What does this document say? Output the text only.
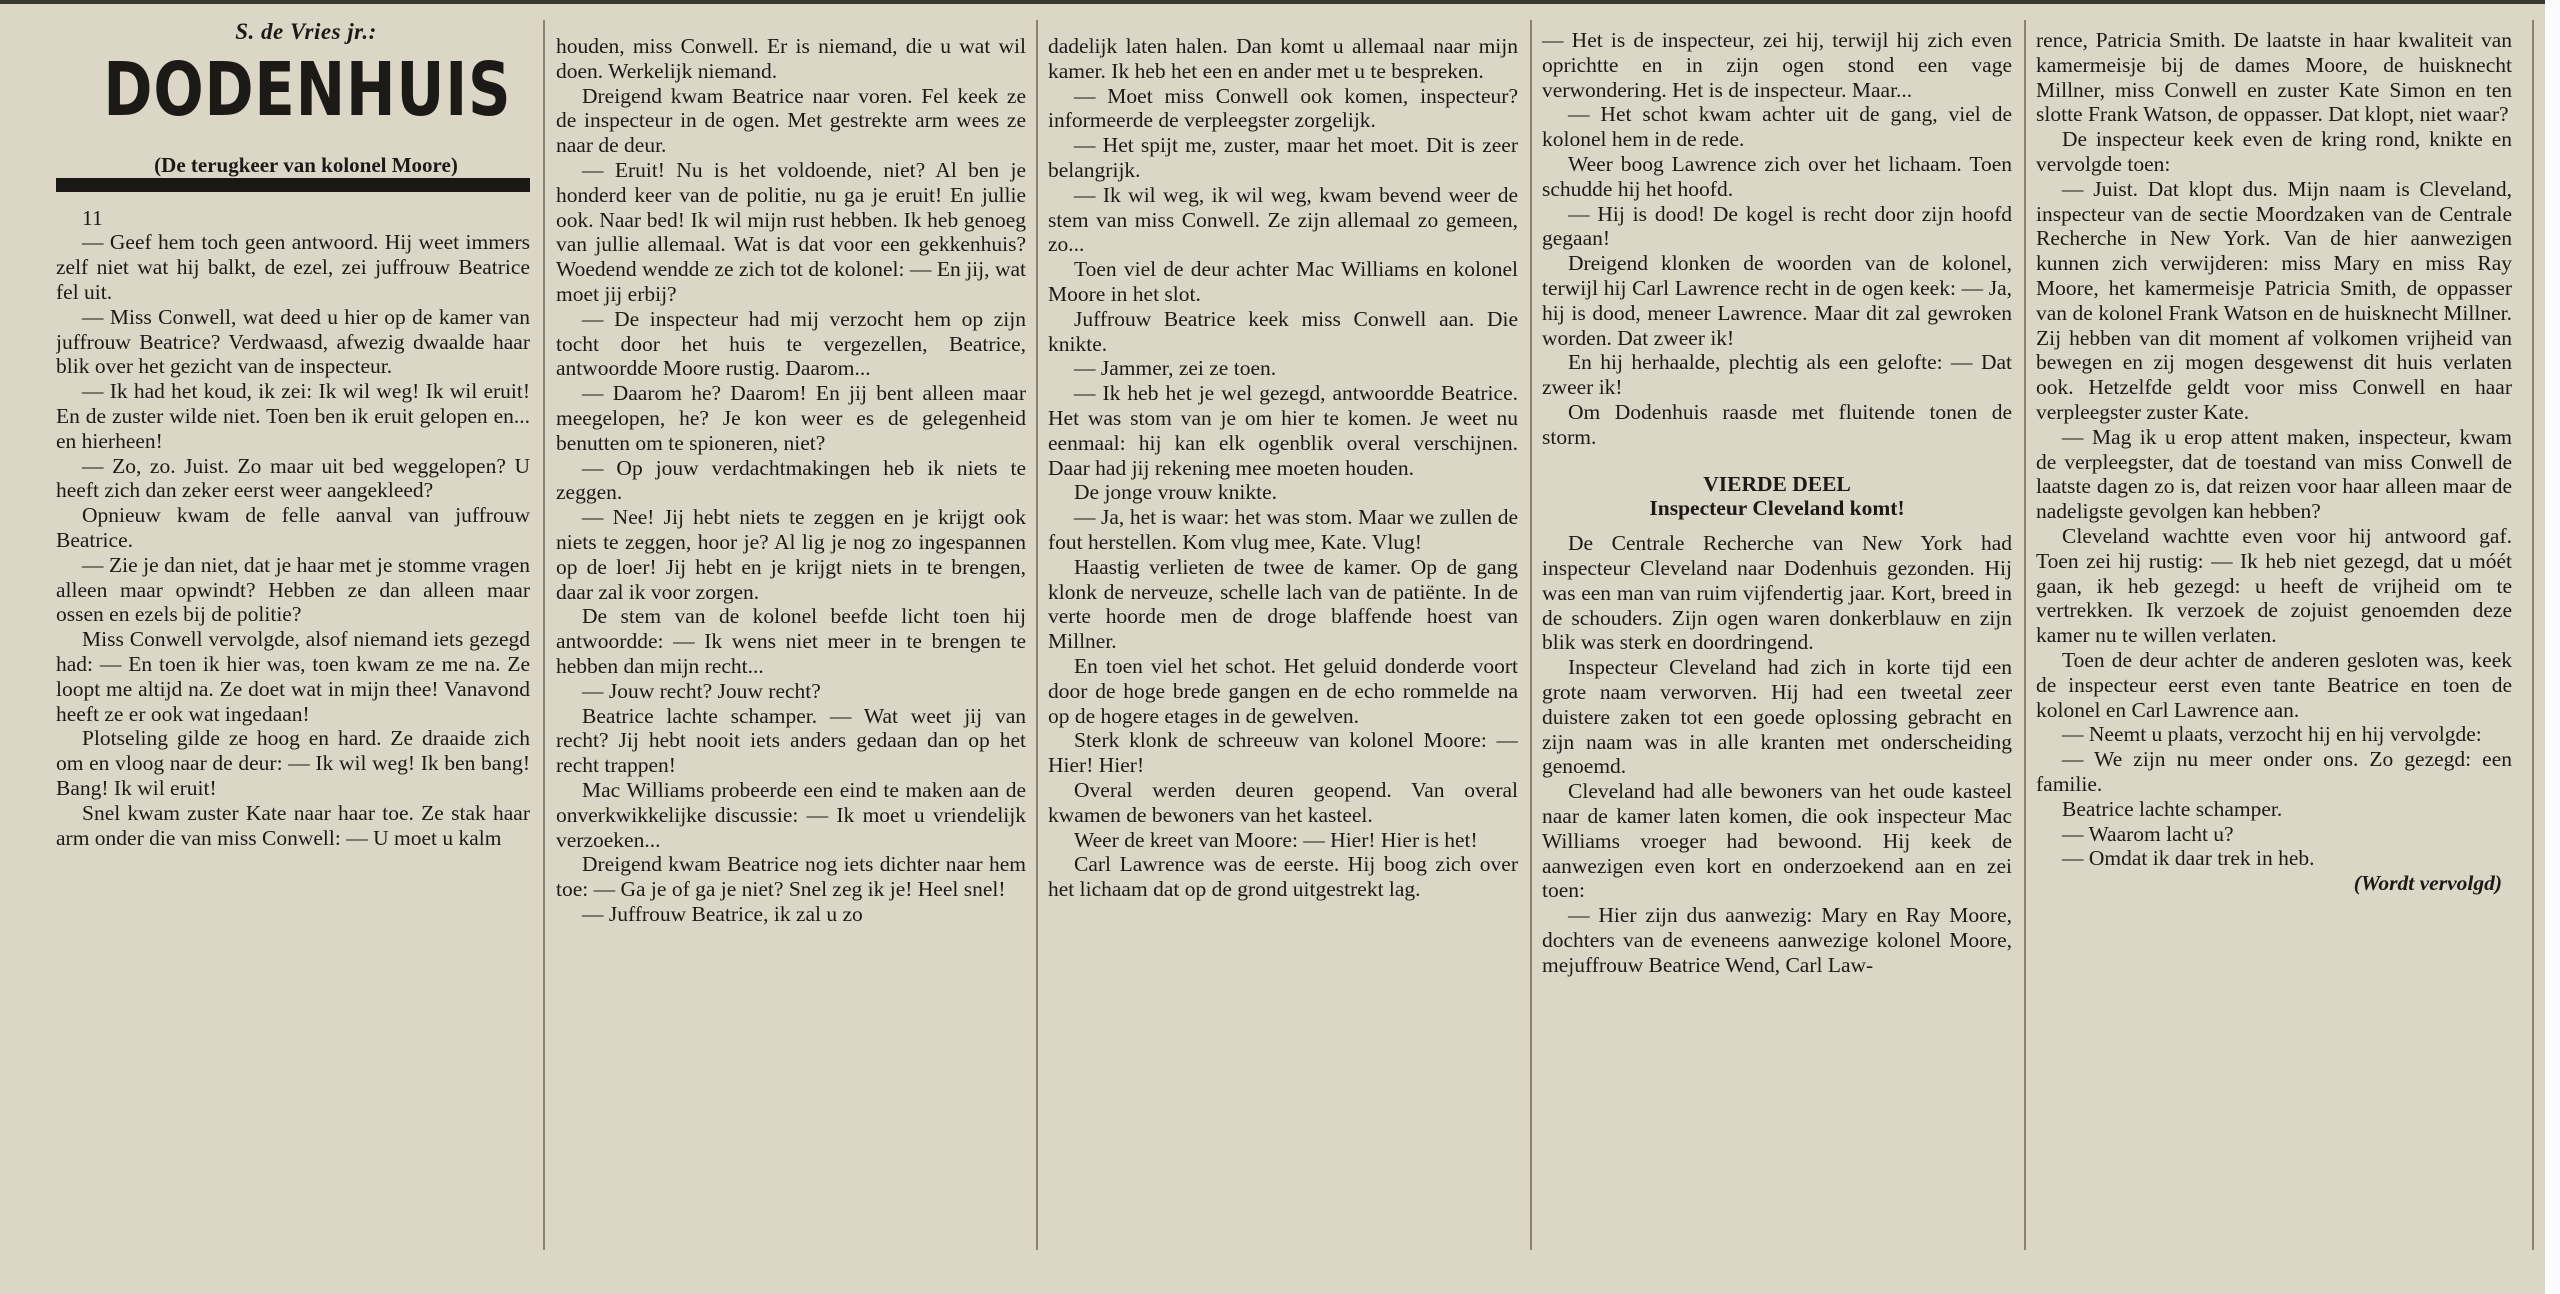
S. de Vries jr.:

DODENHUIS

(De terugkeer van kolonel Moore)

11

— Geef hem toch geen antwoord. Hij weet immers zelf niet wat hij balkt, de ezel, zei juffrouw Beatrice fel uit.

— Miss Conwell, wat deed u hier op de kamer van juffrouw Beatrice? Verdwaasd, afwezig dwaalde haar blik over het gezicht van de inspecteur.

— Ik had het koud, ik zei: Ik wil weg! Ik wil eruit! En de zuster wilde niet. Toen ben ik eruit gelopen en... en hierheen!

— Zo, zo. Juist. Zo maar uit bed weggelopen? U heeft zich dan zeker eerst weer aangekleed?

Opnieuw kwam de felle aanval van juffrouw Beatrice.

— Zie je dan niet, dat je haar met je stomme vragen alleen maar opwindt? Hebben ze dan alleen maar ossen en ezels bij de politie?

Miss Conwell vervolgde, alsof niemand iets gezegd had: — En toen ik hier was, toen kwam ze me na. Ze loopt me altijd na. Ze doet wat in mijn thee! Vanavond heeft ze er ook wat ingedaan!

Plotseling gilde ze hoog en hard. Ze draaide zich om en vloog naar de deur: — Ik wil weg! Ik ben bang! Bang! Ik wil eruit!

Snel kwam zuster Kate naar haar toe. Ze stak haar arm onder die van miss Conwell: — U moet u kalm

houden, miss Conwell. Er is niemand, die u wat wil doen. Werkelijk niemand.

Dreigend kwam Beatrice naar voren. Fel keek ze de inspecteur in de ogen. Met gestrekte arm wees ze naar de deur.

— Eruit! Nu is het voldoende, niet? Al ben je honderd keer van de politie, nu ga je eruit! En jullie ook. Naar bed! Ik wil mijn rust hebben. Ik heb genoeg van jullie allemaal. Wat is dat voor een gekkenhuis? Woedend wendde ze zich tot de kolonel: — En jij, wat moet jij erbij?

— De inspecteur had mij verzocht hem op zijn tocht door het huis te vergezellen, Beatrice, antwoordde Moore rustig. Daarom...

— Daarom he? Daarom! En jij bent alleen maar meegelopen, he? Je kon weer es de gelegenheid benutten om te spioneren, niet?

— Op jouw verdachtmakingen heb ik niets te zeggen.

— Nee! Jij hebt niets te zeggen en je krijgt ook niets te zeggen, hoor je? Al lig je nog zo ingespannen op de loer! Jij hebt en je krijgt niets in te brengen, daar zal ik voor zorgen.

De stem van de kolonel beefde licht toen hij antwoordde: — Ik wens niet meer in te brengen te hebben dan mijn recht...

— Jouw recht? Jouw recht?

Beatrice lachte schamper. — Wat weet jij van recht? Jij hebt nooit iets anders gedaan dan op het recht trappen!

Mac Williams probeerde een eind te maken aan de onverkwikkelijke discussie: — Ik moet u vriendelijk verzoeken...

Dreigend kwam Beatrice nog iets dichter naar hem toe: — Ga je of ga je niet? Snel zeg ik je! Heel snel!

— Juffrouw Beatrice, ik zal u zo

dadelijk laten halen. Dan komt u allemaal naar mijn kamer. Ik heb het een en ander met u te bespreken.

— Moet miss Conwell ook komen, inspecteur? informeerde de verpleegster zorgelijk.

— Het spijt me, zuster, maar het moet. Dit is zeer belangrijk.

— Ik wil weg, ik wil weg, kwam bevend weer de stem van miss Conwell. Ze zijn allemaal zo gemeen, zo...

Toen viel de deur achter Mac Williams en kolonel Moore in het slot.

Juffrouw Beatrice keek miss Conwell aan. Die knikte.

— Jammer, zei ze toen.

— Ik heb het je wel gezegd, antwoordde Beatrice. Het was stom van je om hier te komen. Je weet nu eenmaal: hij kan elk ogenblik overal verschijnen. Daar had jij rekening mee moeten houden.

De jonge vrouw knikte.

— Ja, het is waar: het was stom. Maar we zullen de fout herstellen. Kom vlug mee, Kate. Vlug!

Haastig verlieten de twee de kamer. Op de gang klonk de nerveuze, schelle lach van de patiënte. In de verte hoorde men de droge blaffende hoest van Millner.

En toen viel het schot. Het geluid donderde voort door de hoge brede gangen en de echo rommelde na op de hogere etages in de gewelven.

Sterk klonk de schreeuw van kolonel Moore: — Hier! Hier!

Overal werden deuren geopend. Van overal kwamen de bewoners van het kasteel.

Weer de kreet van Moore: — Hier! Hier is het!

Carl Lawrence was de eerste. Hij boog zich over het lichaam dat op de grond uitgestrekt lag.

— Het is de inspecteur, zei hij, terwijl hij zich even oprichtte en in zijn ogen stond een vage verwondering. Het is de inspecteur. Maar...

— Het schot kwam achter uit de gang, viel de kolonel hem in de rede.

Weer boog Lawrence zich over het lichaam. Toen schudde hij het hoofd.

— Hij is dood! De kogel is recht door zijn hoofd gegaan!

Dreigend klonken de woorden van de kolonel, terwijl hij Carl Lawrence recht in de ogen keek: — Ja, hij is dood, meneer Lawrence. Maar dit zal gewroken worden. Dat zweer ik!

En hij herhaalde, plechtig als een gelofte: — Dat zweer ik!

Om Dodenhuis raasde met fluitende tonen de storm.

VIERDE DEEL

Inspecteur Cleveland komt!

De Centrale Recherche van New York had inspecteur Cleveland naar Dodenhuis gezonden. Hij was een man van ruim vijfendertig jaar. Kort, breed in de schouders. Zijn ogen waren donkerblauw en zijn blik was sterk en doordringend.

Inspecteur Cleveland had zich in korte tijd een grote naam verworven. Hij had een tweetal zeer duistere zaken tot een goede oplossing gebracht en zijn naam was in alle kranten met onderscheiding genoemd.

Cleveland had alle bewoners van het oude kasteel naar de kamer laten komen, die ook inspecteur Mac Williams vroeger had bewoond. Hij keek de aanwezigen even kort en onderzoekend aan en zei toen:

— Hier zijn dus aanwezig: Mary en Ray Moore, dochters van de eveneens aanwezige kolonel Moore, mejuffrouw Beatrice Wend, Carl Law-

rence, Patricia Smith. De laatste in haar kwaliteit van kamermeisje bij de dames Moore, de huisknecht Millner, miss Conwell en zuster Kate Simon en ten slotte Frank Watson, de oppasser. Dat klopt, niet waar?

De inspecteur keek even de kring rond, knikte en vervolgde toen:

— Juist. Dat klopt dus. Mijn naam is Cleveland, inspecteur van de sectie Moordzaken van de Centrale Recherche in New York. Van de hier aanwezigen kunnen zich verwijderen: miss Mary en miss Ray Moore, het kamermeisje Patricia Smith, de oppasser van de kolonel Frank Watson en de huisknecht Millner. Zij hebben van dit moment af volkomen vrijheid van bewegen en zij mogen desgewenst dit huis verlaten ook. Hetzelfde geldt voor miss Conwell en haar verpleegster zuster Kate.

— Mag ik u erop attent maken, inspecteur, kwam de verpleegster, dat de toestand van miss Conwell de laatste dagen zo is, dat reizen voor haar alleen maar de nadeligste gevolgen kan hebben?

Cleveland wachtte even voor hij antwoord gaf. Toen zei hij rustig: — Ik heb niet gezegd, dat u móét gaan, ik heb gezegd: u heeft de vrijheid om te vertrekken. Ik verzoek de zojuist genoemden deze kamer nu te willen verlaten.

Toen de deur achter de anderen gesloten was, keek de inspecteur eerst even tante Beatrice en toen de kolonel en Carl Lawrence aan.

— Neemt u plaats, verzocht hij en hij vervolgde:

— We zijn nu meer onder ons. Zo gezegd: een familie.

Beatrice lachte schamper.

— Waarom lacht u?

— Omdat ik daar trek in heb.

(Wordt vervolgd)
